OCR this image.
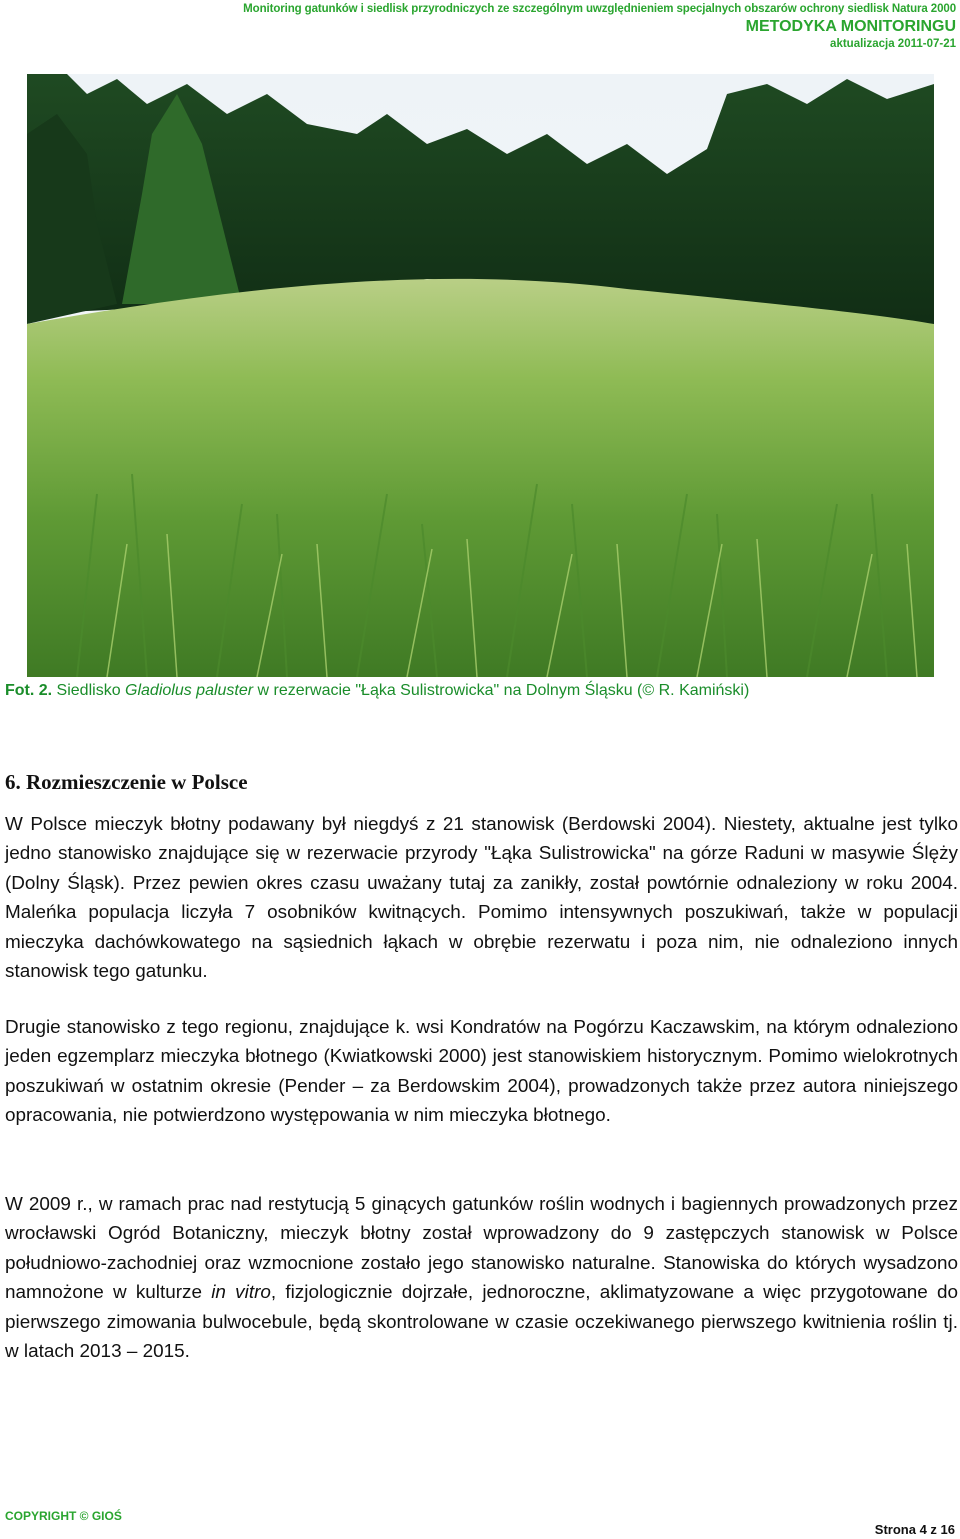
Monitoring gatunków i siedlisk przyrodniczych ze szczególnym uwzględnieniem specjalnych obszarów ochrony siedlisk Natura 2000
METODYKA MONITORINGU
aktualizacja 2011-07-21
Fot. 2. Siedlisko Gladiolus paluster w rezerwacie "Łąka Sulistrowicka" na Dolnym Śląsku (© R. Kamiński)
6. Rozmieszczenie w Polsce

W Polsce mieczyk błotny podawany był niegdyś z 21 stanowisk (Berdowski 2004). Niestety, aktualne jest tylko jedno stanowisko znajdujące się w rezerwacie przyrody "Łąka Sulistrowicka" na górze Raduni w masywie Ślęży (Dolny Śląsk). Przez pewien okres czasu uważany tutaj za zanikły, został powtórnie odnaleziony w roku 2004. Maleńka populacja liczyła 7 osobników kwitnących. Pomimo intensywnych poszukiwań, także w populacji mieczyka dachówkowatego na sąsiednich łąkach w obrębie rezerwatu i poza nim, nie odnaleziono innych stanowisk tego gatunku.

Drugie stanowisko z tego regionu, znajdujące k. wsi Kondratów na Pogórzu Kaczawskim, na którym odnaleziono jeden egzemplarz mieczyka błotnego (Kwiatkowski 2000) jest stanowiskiem historycznym. Pomimo wielokrotnych poszukiwań w ostatnim okresie (Pender – za Berdowskim 2004), prowadzonych także przez autora niniejszego opracowania, nie potwierdzono występowania w nim mieczyka błotnego.

W 2009 r., w ramach prac nad restytucją 5 ginących gatunków roślin wodnych i bagiennych prowadzonych przez wrocławski Ogród Botaniczny, mieczyk błotny został wprowadzony do 9 zastępczych stanowisk w Polsce południowo-zachodniej oraz wzmocnione zostało jego stanowisko naturalne. Stanowiska do których wysadzono namnożone w kulturze in vitro, fizjologicznie dojrzałe, jednoroczne, aklimatyzowane a więc przygotowane do pierwszego zimowania bulwocebule, będą skontrolowane w czasie oczekiwanego pierwszego kwitnienia roślin tj. w latach 2013 – 2015.

COPYRIGHT © GIOŚ
Strona 4 z 16
